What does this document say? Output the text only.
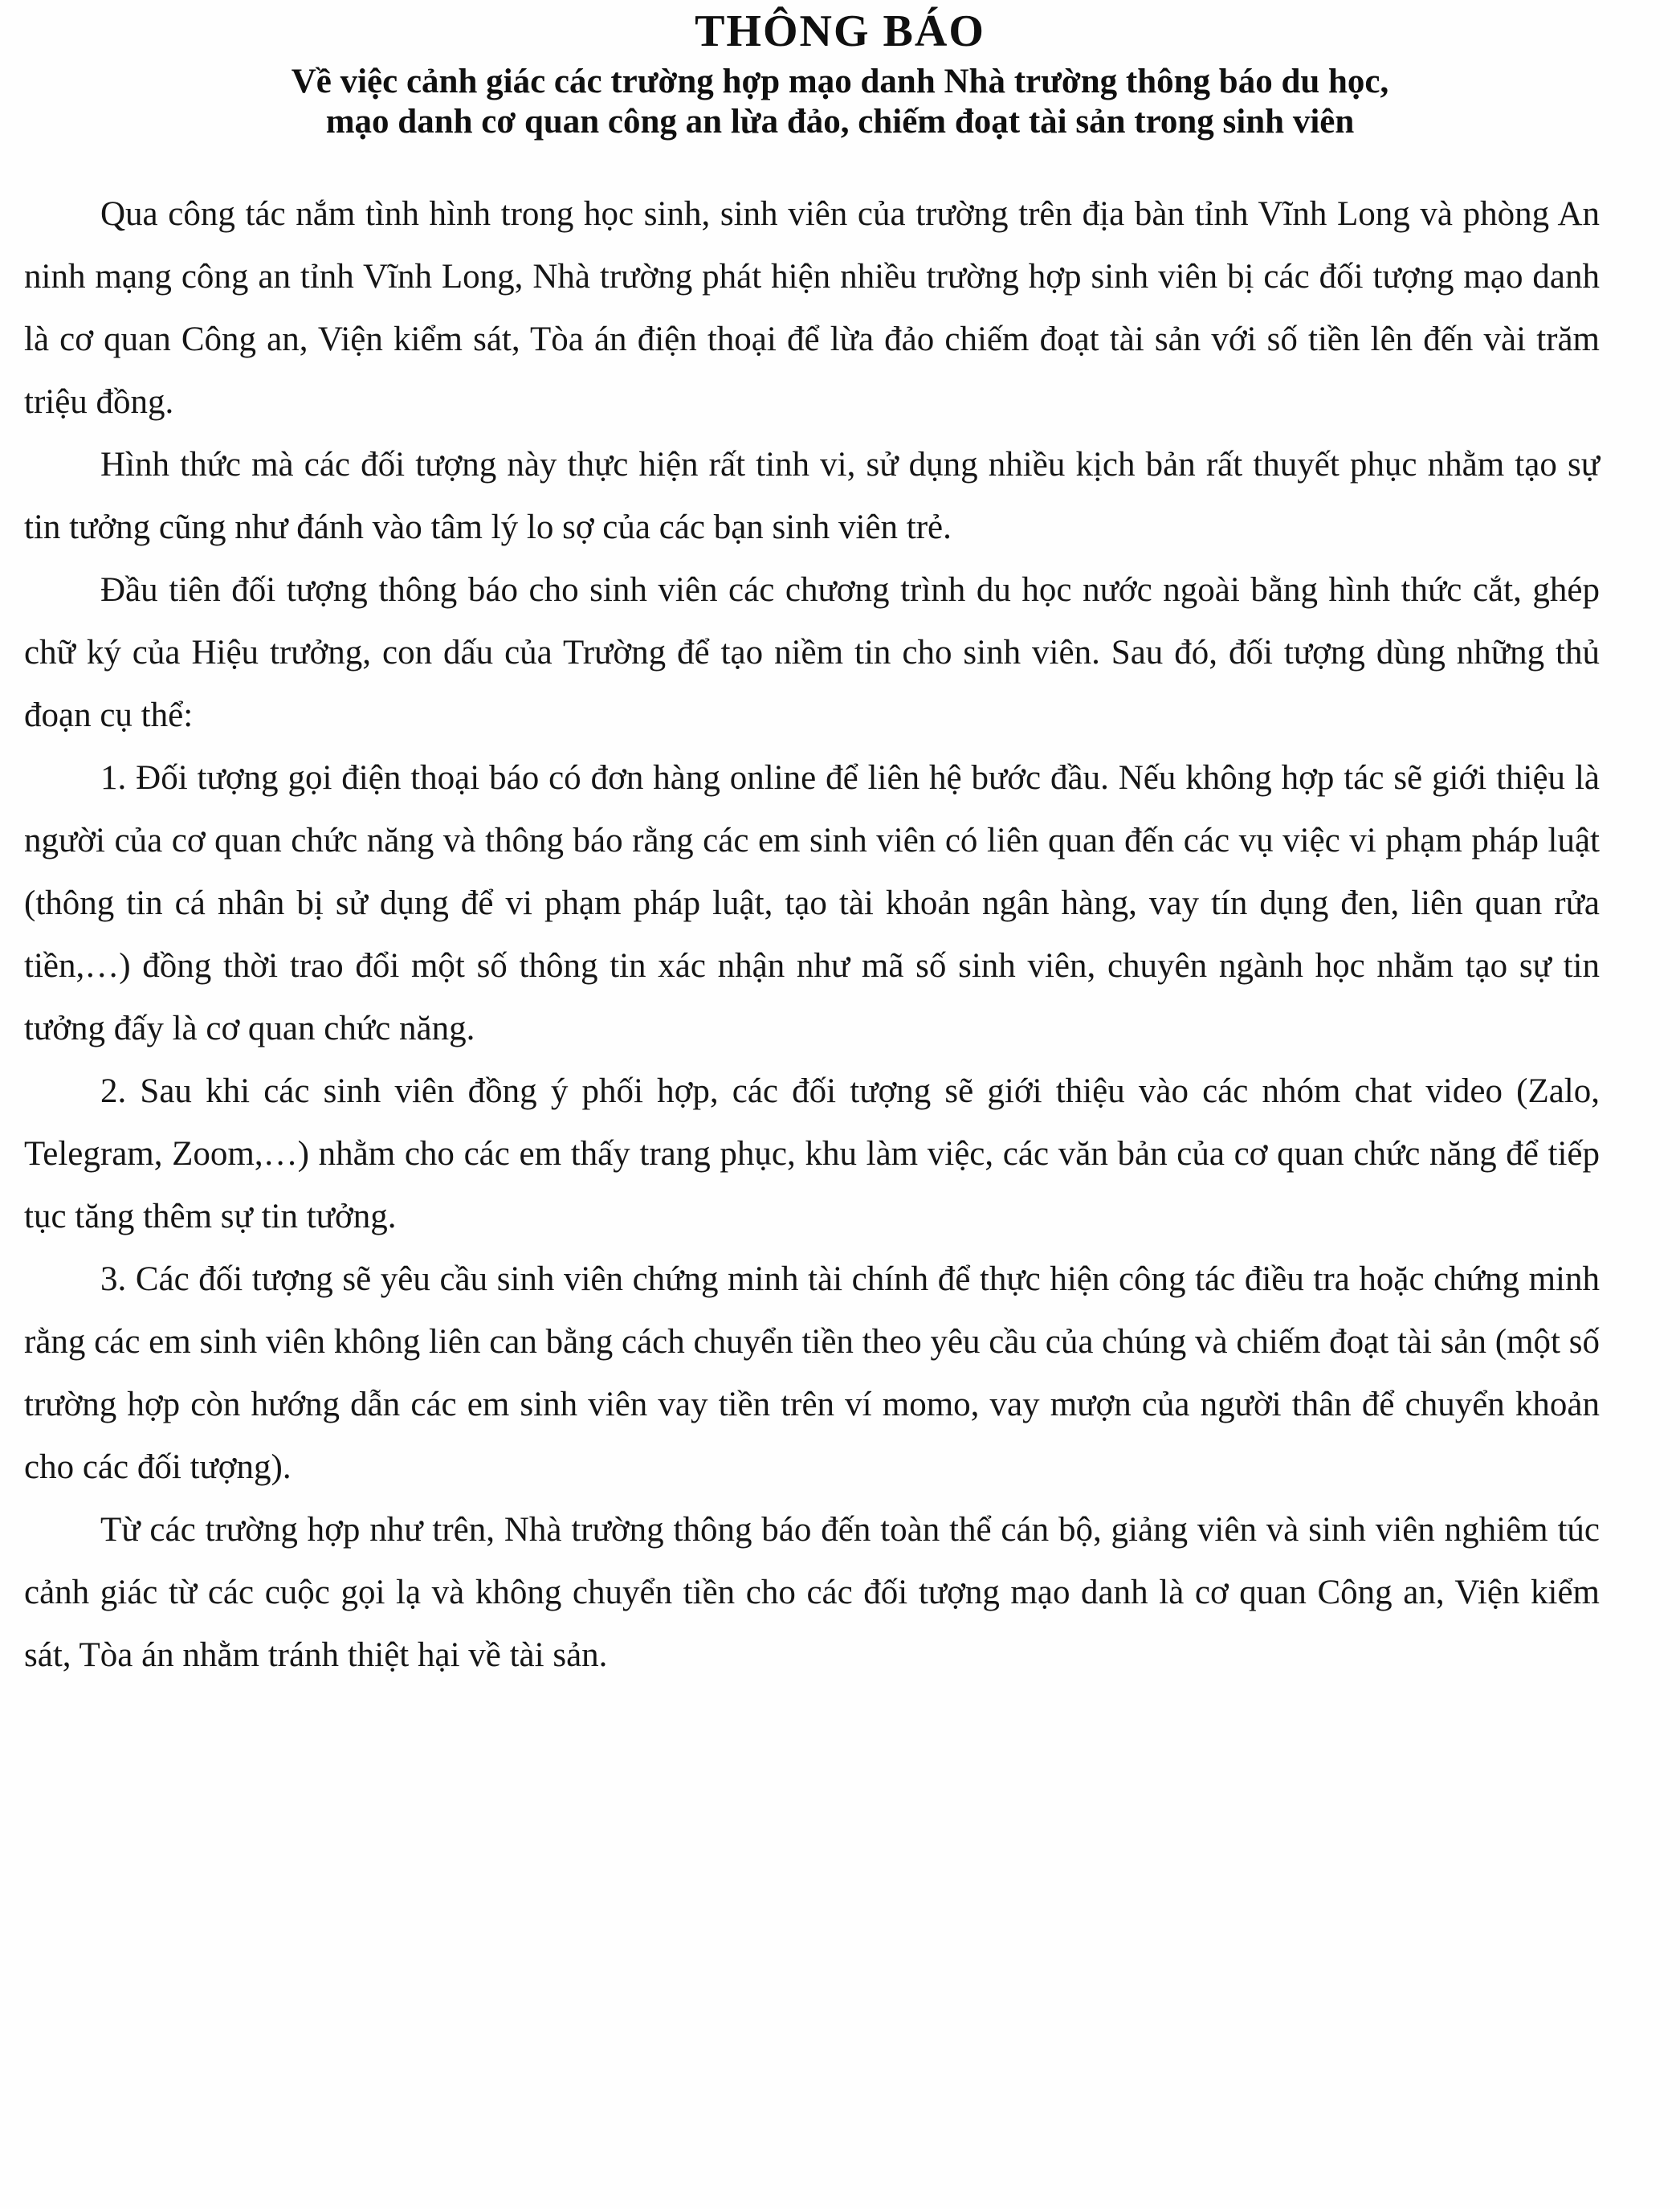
THÔNG BÁO
Về việc cảnh giác các trường hợp mạo danh Nhà trường thông báo du học,
mạo danh cơ quan công an lừa đảo, chiếm đoạt tài sản trong sinh viên

Qua công tác nắm tình hình trong học sinh, sinh viên của trường trên địa bàn tỉnh Vĩnh Long và phòng An ninh mạng công an tỉnh Vĩnh Long, Nhà trường phát hiện nhiều trường hợp sinh viên bị các đối tượng mạo danh là cơ quan Công an, Viện kiểm sát, Tòa án điện thoại để lừa đảo chiếm đoạt tài sản với số tiền lên đến vài trăm triệu đồng.

Hình thức mà các đối tượng này thực hiện rất tinh vi, sử dụng nhiều kịch bản rất thuyết phục nhằm tạo sự tin tưởng cũng như đánh vào tâm lý lo sợ của các bạn sinh viên trẻ.

Đầu tiên đối tượng thông báo cho sinh viên các chương trình du học nước ngoài bằng hình thức cắt, ghép chữ ký của Hiệu trưởng, con dấu của Trường để tạo niềm tin cho sinh viên. Sau đó, đối tượng dùng những thủ đoạn cụ thể:

1. Đối tượng gọi điện thoại báo có đơn hàng online để liên hệ bước đầu. Nếu không hợp tác sẽ giới thiệu là người của cơ quan chức năng và thông báo rằng các em sinh viên có liên quan đến các vụ việc vi phạm pháp luật (thông tin cá nhân bị sử dụng để vi phạm pháp luật, tạo tài khoản ngân hàng, vay tín dụng đen, liên quan rửa tiền,…) đồng thời trao đổi một số thông tin xác nhận như mã số sinh viên, chuyên ngành học nhằm tạo sự tin tưởng đấy là cơ quan chức năng.

2. Sau khi các sinh viên đồng ý phối hợp, các đối tượng sẽ giới thiệu vào các nhóm chat video (Zalo, Telegram, Zoom,…) nhằm cho các em thấy trang phục, khu làm việc, các văn bản của cơ quan chức năng để tiếp tục tăng thêm sự tin tưởng.

3. Các đối tượng sẽ yêu cầu sinh viên chứng minh tài chính để thực hiện công tác điều tra hoặc chứng minh rằng các em sinh viên không liên can bằng cách chuyển tiền theo yêu cầu của chúng và chiếm đoạt tài sản (một số trường hợp còn hướng dẫn các em sinh viên vay tiền trên ví momo, vay mượn của người thân để chuyển khoản cho các đối tượng).

Từ các trường hợp như trên, Nhà trường thông báo đến toàn thể cán bộ, giảng viên và sinh viên nghiêm túc cảnh giác từ các cuộc gọi lạ và không chuyển tiền cho các đối tượng mạo danh là cơ quan Công an, Viện kiểm sát, Tòa án nhằm tránh thiệt hại về tài sản.
